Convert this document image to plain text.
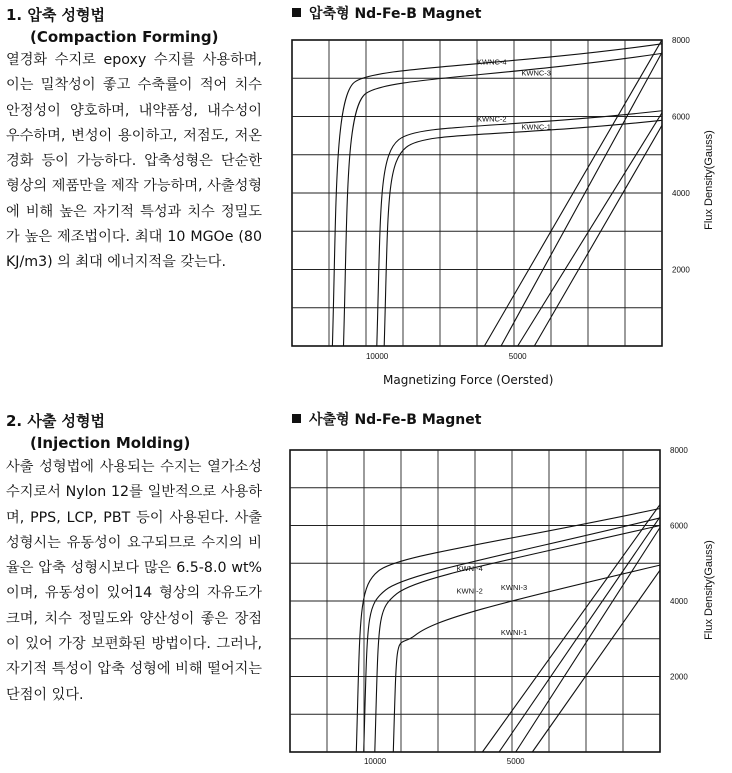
1. 압축 성형법
(Compaction Forming)
열경화 수지로 epoxy 수지를 사용하며, 이는 밀착성이 좋고 수축률이 적어 치수 안정성이 양호하며, 내약품성, 내수성이 우수하며, 변성이 용이하고, 저점도, 저온 경화 등이 가능하다. 압축성형은 단순한 형상의 제품만을 제작 가능하며, 사출성형에 비해 높은 자기적 특성과 치수 정밀도가 높은 제조법이다. 최대 10 MGOe (80 KJ/m3) 의 최대 에너지적을 갖는다.
2. 사출 성형법
(Injection Molding)
사출 성형법에 사용되는 수지는 열가소성 수지로서 Nylon 12를 일반적으로 사용하며, PPS, LCP, PBT 등이 사용된다. 사출성형시는 유동성이 요구되므로 수지의 비율은 압축 성형시보다 많은 6.5-8.0 wt% 이며, 유동성이 있어14 형상의 자유도가 크며, 치수 정밀도와 양산성이 좋은 장점이 있어 가장 보편화된 방법이다. 그러나, 자기적 특성이 압축 성형에 비해 떨어지는 단점이 있다.
압축형 Nd-Fe-B Magnet
8000
6000
4000
2000
Flux Density(Gauss)
10000	5000
KWNC-4
KWNC-3
KWNC-2
KWNC-1
Magnetizing Force (Oersted)
사출형 Nd-Fe-B Magnet
8000
6000
4000
2000
Flux Density(Gauss)
10000	5000
KWNI-4
KWNI-3
KWNI-2
KWNI-1
